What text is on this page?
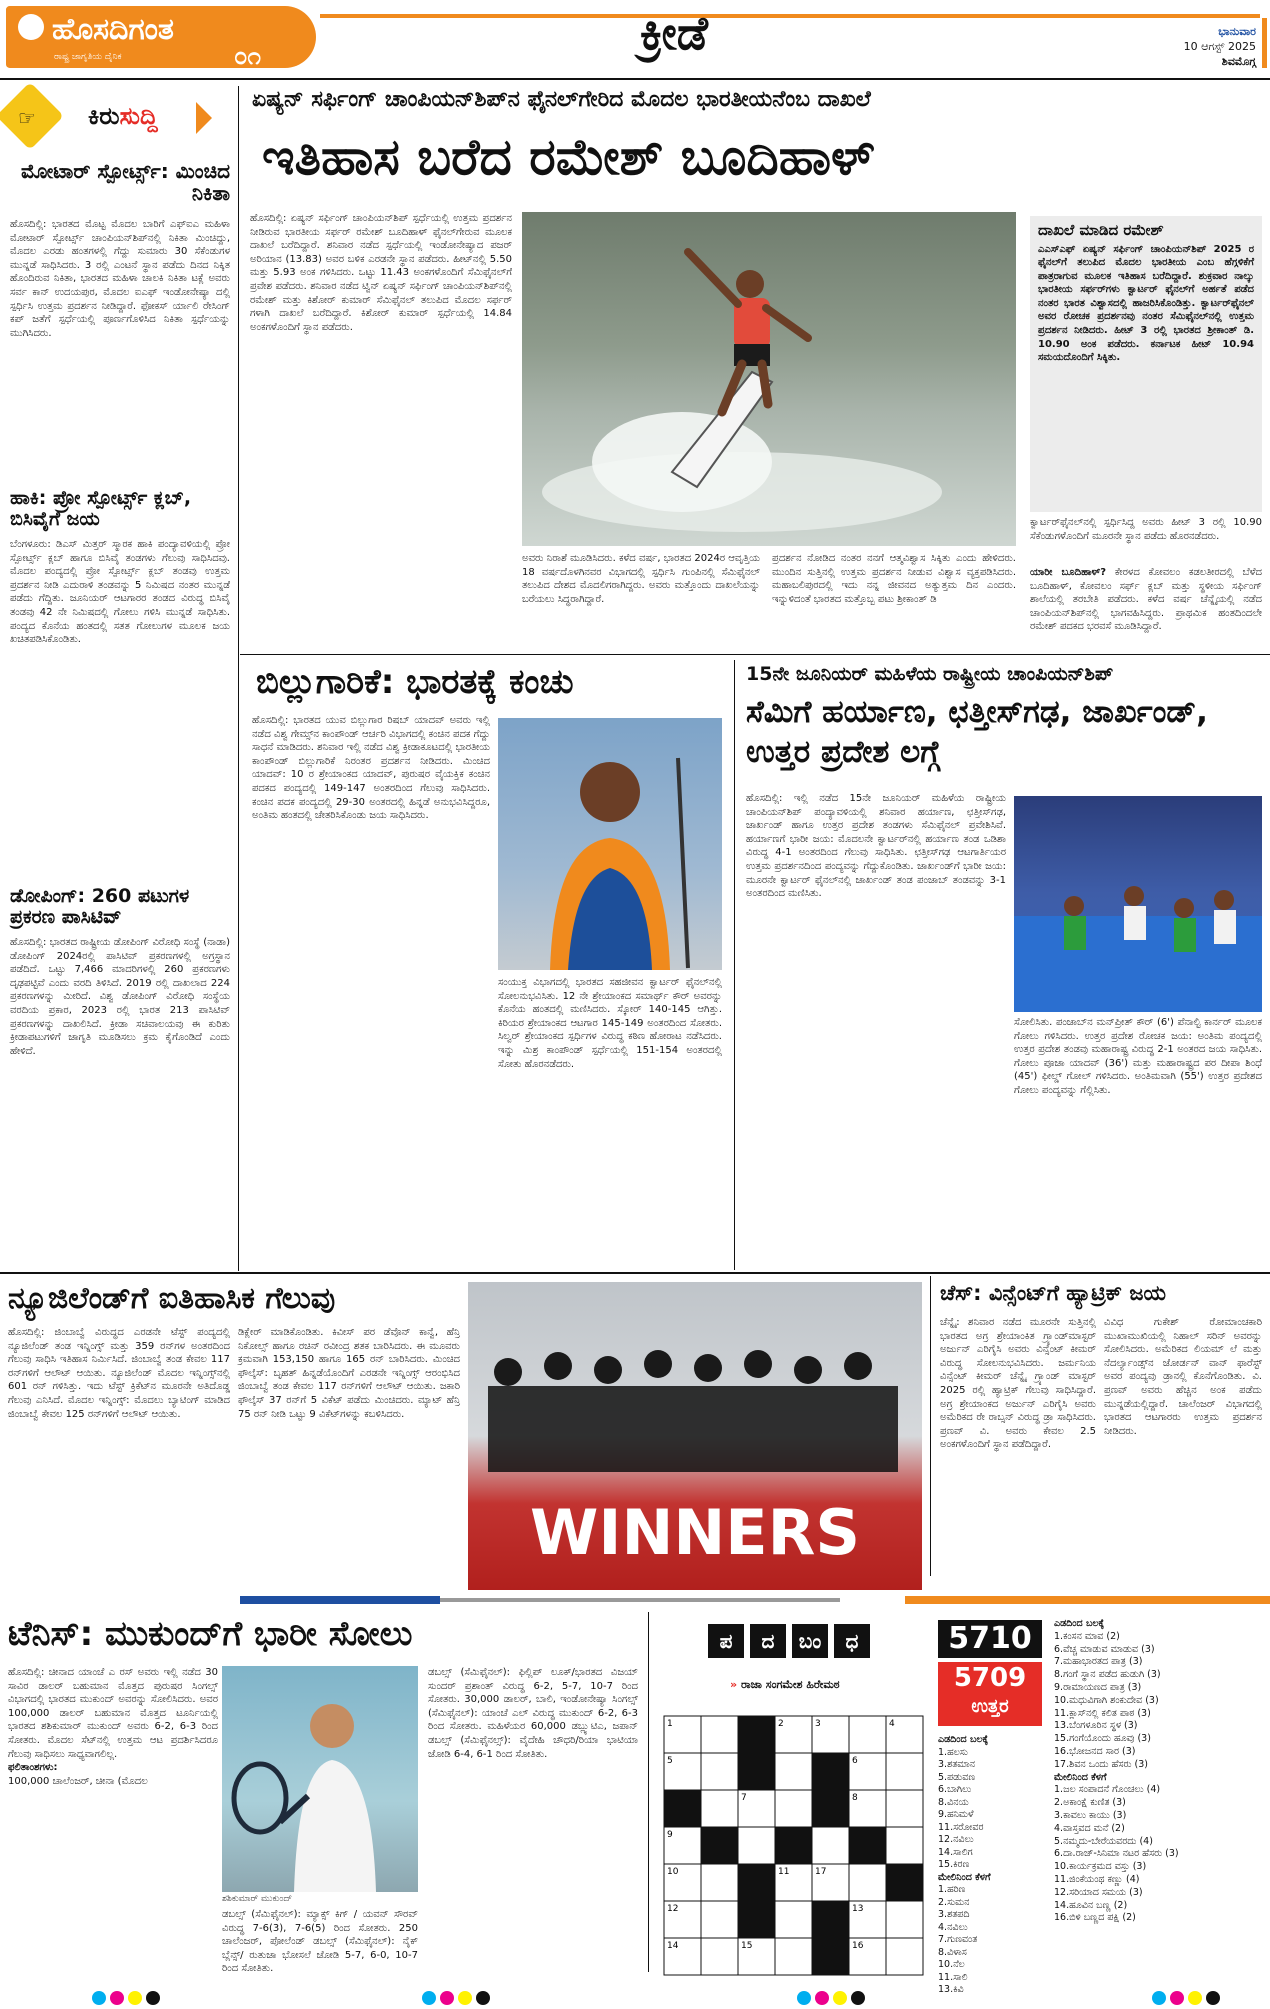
ಹೊಸದಿಗಂತ
ರಾಷ್ಟ್ರ ಜಾಗೃತಿಯ ದೈನಿಕ	೦೧	ಕ್ರೀಡೆ	ಭಾನುವಾರ
10 ಆಗಸ್ಟ್ 2025
ಶಿವಮೊಗ್ಗ
☞ ಕಿರುಸುದ್ದಿ
ಮೋಟಾರ್ ಸ್ಪೋರ್ಟ್ಸ್: ಮಿಂಚಿದ ನಿಕಿತಾ
ಹೊಸದಿಲ್ಲಿ: ಭಾರತದ ಮೊಟ್ಟ ಮೊದಲ ಬಾರಿಗೆ ಎಫ್‌ಐಎ ಮಹಿಳಾ ಮೋಟಾರ್ ಸ್ಪೋರ್ಟ್ಸ್ ಚಾಂಪಿಯನ್‌ಶಿಪ್‌ನಲ್ಲಿ ನಿಕಿತಾ ಮಿಂಚಿದ್ದು, ಮೊದಲ ಎರಡು ಹಂತಗಳಲ್ಲಿ ಗೆದ್ದು ಸುಮಾರು 30 ಸೆಕೆಂಡುಗಳ ಮುನ್ನಡೆ ಸಾಧಿಸಿದರು. 3 ರಲ್ಲಿ ಎಂಟನೆ ಸ್ಥಾನ ಪಡೆದು ದಿನದ ನಿಕ್ಕಿತ ಹೊಂದಿರುವ ನಿಕಿತಾ, ಭಾರತದ ಮಹಿಳಾ ಚಾಲಕಿ ನಿಕಿತಾ ಟಕ್ಲೆ ಅವರು ಸರ್ವ ಕಾನ್ ಉದಯಪುರ, ಮೊದಲ ಐಎಫ್ ಇಂಡೋನೇಷ್ಯಾ ದಲ್ಲಿ ಸ್ಪರ್ಧಿಸಿ ಉತ್ತಮ ಪ್ರದರ್ಶನ ನೀಡಿದ್ದಾರೆ. ಫೋಕಸ್ ರ್ಯಾಲಿ ರೇಸಿಂಗ್ ಕಪ್ ಜತೆಗೆ ಸ್ಪರ್ಧೆಯಲ್ಲಿ ಪೂರ್ಣಗೊಳಿಸಿದ ನಿಕಿತಾ ಸ್ಪರ್ಧೆಯನ್ನು ಮುಗಿಸಿದರು.
ಹಾಕಿ: ಪ್ರೋ ಸ್ಪೋರ್ಟ್ಸ್ ಕ್ಲಬ್, ಬಿಸಿವೈಗೆ ಜಯ
ಬೆಂಗಳೂರು: ಡಿಎಸ್ ಮಿತ್ತರ್ ಸ್ಮಾರಕ ಹಾಕಿ ಪಂದ್ಯಾವಳಿಯಲ್ಲಿ ಪ್ರೋ ಸ್ಪೋರ್ಟ್ಸ್ ಕ್ಲಬ್ ಹಾಗೂ ಬಿಸಿವೈ ತಂಡಗಳು ಗೆಲುವು ಸಾಧಿಸಿದವು. ಮೊದಲ ಪಂದ್ಯದಲ್ಲಿ ಪ್ರೋ ಸ್ಪೋರ್ಟ್ಸ್ ಕ್ಲಬ್ ತಂಡವು ಉತ್ತಮ ಪ್ರದರ್ಶನ ನೀಡಿ ಎದುರಾಳಿ ತಂಡವನ್ನು 5 ನಿಮಿಷದ ನಂತರ ಮುನ್ನಡೆ ಪಡೆದು ಗೆದ್ದಿತು. ಜೂನಿಯರ್ ಆಟಗಾರರ ತಂಡದ ವಿರುದ್ಧ ಬಿಸಿವೈ ತಂಡವು 42 ನೇ ನಿಮಿಷದಲ್ಲಿ ಗೋಲು ಗಳಿಸಿ ಮುನ್ನಡೆ ಸಾಧಿಸಿತು. ಪಂದ್ಯದ ಕೊನೆಯ ಹಂತದಲ್ಲಿ ಸತತ ಗೋಲುಗಳ ಮೂಲಕ ಜಯ ಖಚಿತಪಡಿಸಿಕೊಂಡಿತು.
ಡೋಪಿಂಗ್: 260 ಪಟುಗಳ ಪ್ರಕರಣ ಪಾಸಿಟಿವ್
ಹೊಸದಿಲ್ಲಿ: ಭಾರತದ ರಾಷ್ಟ್ರೀಯ ಡೋಪಿಂಗ್ ವಿರೋಧಿ ಸಂಸ್ಥೆ (ನಾಡಾ) ಡೋಪಿಂಗ್ 2024ರಲ್ಲಿ ಪಾಸಿಟಿವ್ ಪ್ರಕರಣಗಳಲ್ಲಿ ಅಗ್ರಸ್ಥಾನ ಪಡೆದಿದೆ. ಒಟ್ಟು 7,466 ಮಾದರಿಗಳಲ್ಲಿ 260 ಪ್ರಕರಣಗಳು ದೃಢಪಟ್ಟಿವೆ ಎಂದು ವರದಿ ತಿಳಿಸಿದೆ. 2019 ರಲ್ಲಿ ದಾಖಲಾದ 224 ಪ್ರಕರಣಗಳನ್ನು ಮೀರಿದೆ. ವಿಶ್ವ ಡೋಪಿಂಗ್ ವಿರೋಧಿ ಸಂಸ್ಥೆಯ ವರದಿಯ ಪ್ರಕಾರ, 2023 ರಲ್ಲಿ ಭಾರತ 213 ಪಾಸಿಟಿವ್ ಪ್ರಕರಣಗಳನ್ನು ದಾಖಲಿಸಿದೆ. ಕ್ರೀಡಾ ಸಚಿವಾಲಯವು ಈ ಕುರಿತು ಕ್ರೀಡಾಪಟುಗಳಿಗೆ ಜಾಗೃತಿ ಮೂಡಿಸಲು ಕ್ರಮ ಕೈಗೊಂಡಿದೆ ಎಂದು ಹೇಳಿದೆ.
ಏಷ್ಯನ್ ಸರ್ಫಿಂಗ್ ಚಾಂಪಿಯನ್‌ಶಿಪ್‌ನ ಫೈನಲ್‌ಗೇರಿದ ಮೊದಲ ಭಾರತೀಯನೆಂಬ ದಾಖಲೆ
ಇತಿಹಾಸ ಬರೆದ ರಮೇಶ್ ಬೂದಿಹಾಳ್
ಹೊಸದಿಲ್ಲಿ: ಏಷ್ಯನ್ ಸರ್ಫಿಂಗ್ ಚಾಂಪಿಯನ್‌ಶಿಪ್ ಸ್ಪರ್ಧೆಯಲ್ಲಿ ಉತ್ತಮ ಪ್ರದರ್ಶನ ನೀಡಿರುವ ಭಾರತೀಯ ಸರ್ಫರ್ ರಮೇಶ್ ಬೂದಿಹಾಳ್ ಫೈನಲ್‌ಗೇರುವ ಮೂಲಕ ದಾಖಲೆ ಬರೆದಿದ್ದಾರೆ. ಶನಿವಾರ ನಡೆದ ಸ್ಪರ್ಧೆಯಲ್ಲಿ ಇಂಡೋನೇಷ್ಯಾದ ಪಜರ್ ಅರಿಯಾನ (13.83) ಅವರ ಬಳಿಕ ಎರಡನೇ ಸ್ಥಾನ ಪಡೆದರು. ಹೀಟ್‌ನಲ್ಲಿ 5.50 ಮತ್ತು 5.93 ಅಂಕ ಗಳಿಸಿದರು. ಒಟ್ಟು 11.43 ಅಂಕಗಳೊಂದಿಗೆ ಸೆಮಿಫೈನಲ್‌ಗೆ ಪ್ರವೇಶ ಪಡೆದರು. ಶನಿವಾರ ನಡೆದ ಟ್ವಿನ್ ಏಷ್ಯನ್ ಸರ್ಫಿಂಗ್ ಚಾಂಪಿಯನ್‌ಶಿಪ್‌ನಲ್ಲಿ ರಮೇಶ್ ಮತ್ತು ಕಿಶೋರ್ ಕುಮಾರ್ ಸೆಮಿಫೈನಲ್ ತಲುಪಿದ ಮೊದಲ ಸರ್ಫರ್ ಗಳಾಗಿ ದಾಖಲೆ ಬರೆದಿದ್ದಾರೆ. ಕಿಶೋರ್ ಕುಮಾರ್ ಸ್ಪರ್ಧೆಯಲ್ಲಿ 14.84 ಅಂಕಗಳೊಂದಿಗೆ ಸ್ಥಾನ ಪಡೆದರು.
ದಾಖಲೆ ಮಾಡಿದ ರಮೇಶ್
ಎಎಸ್ಎಫ್ ಏಷ್ಯನ್ ಸರ್ಫಿಂಗ್ ಚಾಂಪಿಯನ್‌ಶಿಪ್ 2025 ರ ಫೈನಲ್‌ಗೆ ತಲುಪಿದ ಮೊದಲ ಭಾರತೀಯ ಎಂಬ ಹೆಗ್ಗಳಿಕೆಗೆ ಪಾತ್ರರಾಗುವ ಮೂಲಕ ಇತಿಹಾಸ ಬರೆದಿದ್ದಾರೆ. ಶುಕ್ರವಾರ ನಾಲ್ಕು ಭಾರತೀಯ ಸರ್ಫರ್‌ಗಳು ಕ್ವಾರ್ಟರ್ ಫೈನಲ್‌ಗೆ ಅರ್ಹತೆ ಪಡೆದ ನಂತರ ಭಾರತ ವಿಶ್ವಾಸದಲ್ಲಿ ಹಾಜರಿಸಿಕೊಂಡಿತ್ತು. ಕ್ವಾರ್ಟರ್‌ಫೈನಲ್ ಅವರ ರೋಚಕ ಪ್ರದರ್ಶನವು ನಂತರ ಸೆಮಿಫೈನಲ್‌ನಲ್ಲಿ ಉತ್ತಮ ಪ್ರದರ್ಶನ ನೀಡಿದರು. ಹೀಟ್ 3 ರಲ್ಲಿ ಭಾರತದ ಶ್ರೀಕಾಂತ್ ಡಿ. 10.90 ಅಂಕ ಪಡೆದರು. ಕರ್ನಾಟಕ ಹೀಟ್ 10.94 ಸಮಯದೊಂದಿಗೆ ಸಿಕ್ಕಿತು.
ಕ್ವಾರ್ಟರ್‌ಫೈನಲ್‌ನಲ್ಲಿ ಸ್ಪರ್ಧಿಸಿದ್ದ ಅವರು ಹೀಟ್ 3 ರಲ್ಲಿ 10.90 ಸೆಕೆಂಡುಗಳೊಂದಿಗೆ ಮೂರನೇ ಸ್ಥಾನ ಪಡೆದು ಹೊರನಡೆದರು.
ಅವರು ನಿರಾಶೆ ಮೂಡಿಸಿದರು. ಕಳೆದ ವರ್ಷ, ಭಾರತದ 2024ರ ಆವೃತ್ತಿಯ 18 ವರ್ಷದೊಳಗಿನವರ ವಿಭಾಗದಲ್ಲಿ ಸ್ಪರ್ಧಿಸಿ ಗುಂಪಿನಲ್ಲಿ ಸೆಮಿಫೈನಲ್ ತಲುಪಿದ ದೇಶದ ಮೊದಲಿಗರಾಗಿದ್ದರು. ಅವರು ಮತ್ತೊಂದು ದಾಖಲೆಯನ್ನು ಬರೆಯಲು ಸಿದ್ಧರಾಗಿದ್ದಾರೆ.
ಪ್ರದರ್ಶನ ನೋಡಿದ ನಂತರ ನನಗೆ ಆತ್ಮವಿಶ್ವಾಸ ಸಿಕ್ಕಿತು ಎಂದು ಹೇಳಿದರು. ಮುಂದಿನ ಸುತ್ತಿನಲ್ಲಿ ಉತ್ತಮ ಪ್ರದರ್ಶನ ನೀಡುವ ವಿಶ್ವಾಸ ವ್ಯಕ್ತಪಡಿಸಿದರು. ಮಹಾಬಲಿಪುರದಲ್ಲಿ ಇದು ನನ್ನ ಜೀವನದ ಅತ್ಯುತ್ತಮ ದಿನ ಎಂದರು. ಇನ್ನುಳಿದಂತೆ ಭಾರತದ ಮತ್ತೊಬ್ಬ ಪಟು ಶ್ರೀಕಾಂತ್ ಡಿ
ಯಾರೀ ಬೂದಿಹಾಳ್? ಕೇರಳದ ಕೋವಲಂ ಕಡಲತೀರದಲ್ಲಿ ಬೆಳೆದ ಬೂದಿಹಾಳ್, ಕೋವಲಂ ಸರ್ಫ್ ಕ್ಲಬ್ ಮತ್ತು ಸ್ಥಳೀಯ ಸರ್ಫಿಂಗ್ ಶಾಲೆಯಲ್ಲಿ ತರಬೇತಿ ಪಡೆದರು. ಕಳೆದ ವರ್ಷ ಚೆನ್ನೈಯಲ್ಲಿ ನಡೆದ ಚಾಂಪಿಯನ್‌ಶಿಪ್‌ನಲ್ಲಿ ಭಾಗವಹಿಸಿದ್ದರು. ಪ್ರಾಥಮಿಕ ಹಂತದಿಂದಲೇ ರಮೇಶ್ ಪದಕದ ಭರವಸೆ ಮೂಡಿಸಿದ್ದಾರೆ.
ಬಿಲ್ಲುಗಾರಿಕೆ: ಭಾರತಕ್ಕೆ ಕಂಚು
ಹೊಸದಿಲ್ಲಿ: ಭಾರತದ ಯುವ ಬಿಲ್ಲುಗಾರ ರಿಷಬ್ ಯಾದವ್ ಅವರು ಇಲ್ಲಿ ನಡೆದ ವಿಶ್ವ ಗೇಮ್ಸ್‌ನ ಕಾಂಪೌಂಡ್ ಆರ್ಚರಿ ವಿಭಾಗದಲ್ಲಿ ಕಂಚಿನ ಪದಕ ಗೆದ್ದು ಸಾಧನೆ ಮಾಡಿದರು. ಶನಿವಾರ ಇಲ್ಲಿ ನಡೆದ ವಿಶ್ವ ಕ್ರೀಡಾಕೂಟದಲ್ಲಿ ಭಾರತೀಯ ಕಾಂಪೌಂಡ್ ಬಿಲ್ಲುಗಾರಿಕೆ ನಿರಂತರ ಪ್ರದರ್ಶನ ನೀಡಿದರು. ಮಿಂಚಿದ ಯಾದವ್: 10 ರ ಶ್ರೇಯಾಂಕದ ಯಾದವ್, ಪುರುಷರ ವೈಯಕ್ತಿಕ ಕಂಚಿನ ಪದಕದ ಪಂದ್ಯದಲ್ಲಿ 149-147 ಅಂತರದಿಂದ ಗೆಲುವು ಸಾಧಿಸಿದರು. ಕಂಚಿನ ಪದಕ ಪಂದ್ಯದಲ್ಲಿ 29-30 ಅಂತರದಲ್ಲಿ ಹಿನ್ನಡೆ ಅನುಭವಿಸಿದ್ದರೂ, ಅಂತಿಮ ಹಂತದಲ್ಲಿ ಚೇತರಿಸಿಕೊಂಡು ಜಯ ಸಾಧಿಸಿದರು.
ಸಂಯುಕ್ತ ವಿಭಾಗದಲ್ಲಿ ಭಾರತದ ಸಹಜೀವನ ಕ್ವಾರ್ಟರ್ ಫೈನಲ್‌ನಲ್ಲಿ ಸೋಲನುಭವಿಸಿತು. 12 ನೇ ಶ್ರೇಯಾಂಕದ ಸಮಾರ್ಥ್ ಕೌರ್ ಅವರನ್ನು ಕೊನೆಯ ಹಂತದಲ್ಲಿ ಮಣಿಸಿದರು. ಸ್ಕೋರ್ 140-145 ಆಗಿತ್ತು. ಕಿರಿಯರ ಶ್ರೇಯಾಂಕದ ಆಟಗಾರ 145-149 ಅಂತರದಿಂದ ಸೋತರು. ಸಿಲ್ವರ್ ಶ್ರೇಯಾಂಕದ ಸ್ಪರ್ಧಿಗಳ ವಿರುದ್ಧ ಕಠಿಣ ಹೋರಾಟ ನಡೆಸಿದರು. ಇನ್ನು ಮಿಶ್ರ ಕಾಂಪೌಂಡ್ ಸ್ಪರ್ಧೆಯಲ್ಲಿ 151-154 ಅಂತರದಲ್ಲಿ ಸೋತು ಹೊರನಡೆದರು.
15ನೇ ಜೂನಿಯರ್ ಮಹಿಳೆಯ ರಾಷ್ಟ್ರೀಯ ಚಾಂಪಿಯನ್‌ಶಿಪ್
ಸೆಮಿಗೆ ಹರ್ಯಾಣ, ಛತ್ತೀಸ್‌ಗಢ, ಜಾರ್ಖಂಡ್, ಉತ್ತರ ಪ್ರದೇಶ ಲಗ್ಗೆ
ಹೊಸದಿಲ್ಲಿ: ಇಲ್ಲಿ ನಡೆದ 15ನೇ ಜೂನಿಯರ್ ಮಹಿಳೆಯ ರಾಷ್ಟ್ರೀಯ ಚಾಂಪಿಯನ್‌ಶಿಪ್ ಪಂದ್ಯಾವಳಿಯಲ್ಲಿ ಶನಿವಾರ ಹರ್ಯಾಣ, ಛತ್ತೀಸ್‌ಗಢ, ಜಾರ್ಖಂಡ್ ಹಾಗೂ ಉತ್ತರ ಪ್ರದೇಶ ತಂಡಗಳು ಸೆಮಿಫೈನಲ್ ಪ್ರವೇಶಿಸಿವೆ. ಹರ್ಯಾಣಗೆ ಭಾರೀ ಜಯ: ಮೊದಲನೇ ಕ್ವಾರ್ಟರ್‌ನಲ್ಲಿ ಹರ್ಯಾಣ ತಂಡ ಒಡಿಶಾ ವಿರುದ್ಧ 4-1 ಅಂತರದಿಂದ ಗೆಲುವು ಸಾಧಿಸಿತು. ಛತ್ತೀಸ್‌ಗಢ ಆಟಗಾರ್ತಿಯರ ಉತ್ತಮ ಪ್ರದರ್ಶನದಿಂದ ಪಂದ್ಯವನ್ನು ಗೆದ್ದುಕೊಂಡಿತು. ಜಾರ್ಖಂಡ್‌ಗೆ ಭಾರೀ ಜಯ: ಮೂರನೇ ಕ್ವಾರ್ಟರ್ ಫೈನಲ್‌ನಲ್ಲಿ ಜಾರ್ಖಂಡ್ ತಂಡ ಪಂಜಾಬ್ ತಂಡವನ್ನು 3-1 ಅಂತರದಿಂದ ಮಣಿಸಿತು.
ಸೋಲಿಸಿತು. ಪಂಜಾಬ್‌ನ ಮನ್‌ಪ್ರೀತ್ ಕೌರ್ (6') ಪೆನಾಲ್ಟಿ ಕಾರ್ನರ್ ಮೂಲಕ ಗೋಲು ಗಳಿಸಿದರು. ಉತ್ತರ ಪ್ರದೇಶ ರೋಚಕ ಜಯ: ಅಂತಿಮ ಪಂದ್ಯದಲ್ಲಿ ಉತ್ತರ ಪ್ರದೇಶ ತಂಡವು ಮಹಾರಾಷ್ಟ್ರ ವಿರುದ್ಧ 2-1 ಅಂತರದ ಜಯ ಸಾಧಿಸಿತು. ಗೋಲು ಪೂಜಾ ಯಾದವ್ (36') ಮತ್ತು ಮಹಾರಾಷ್ಟ್ರದ ಪರ ದೀಪಾ ಶಿಂಧೆ (45') ಫೀಲ್ಡ್ ಗೋಲ್ ಗಳಿಸಿದರು. ಅಂತಿಮವಾಗಿ (55') ಉತ್ತರ ಪ್ರದೇಶದ ಗೋಲು ಪಂದ್ಯವನ್ನು ಗೆಲ್ಲಿಸಿತು.
ನ್ಯೂಜಿಲೆಂಡ್‌ಗೆ ಐತಿಹಾಸಿಕ ಗೆಲುವು
ಹೊಸದಿಲ್ಲಿ: ಜಿಂಬಾಬ್ವೆ ವಿರುದ್ಧದ ಎರಡನೇ ಟೆಸ್ಟ್ ಪಂದ್ಯದಲ್ಲಿ ನ್ಯೂಜಿಲೆಂಡ್ ತಂಡ ಇನ್ನಿಂಗ್ಸ್ ಮತ್ತು 359 ರನ್‌ಗಳ ಅಂತರದಿಂದ ಗೆಲುವು ಸಾಧಿಸಿ ಇತಿಹಾಸ ನಿರ್ಮಿಸಿದೆ. ಜಿಂಬಾಬ್ವೆ ತಂಡ ಕೇವಲ 117 ರನ್‌ಗಳಿಗೆ ಆಲೌಟ್ ಆಯಿತು. ನ್ಯೂಜಿಲೆಂಡ್ ಮೊದಲ ಇನ್ನಿಂಗ್ಸ್‌ನಲ್ಲಿ 601 ರನ್ ಗಳಿಸಿತ್ತು. ಇದು ಟೆಸ್ಟ್ ಕ್ರಿಕೆಟ್‌ನ ಮೂರನೇ ಅತಿದೊಡ್ಡ ಗೆಲುವು ಎನಿಸಿದೆ. ಮೊದಲ ಇನ್ನಿಂಗ್ಸ್: ಮೊದಲು ಬ್ಯಾಟಿಂಗ್ ಮಾಡಿದ ಜಿಂಬಾಬ್ವೆ ಕೇವಲ 125 ರನ್‌ಗಳಿಗೆ ಆಲೌಟ್ ಆಯಿತು.
ಡಿಕ್ಲೇರ್ ಮಾಡಿಕೊಂಡಿತು. ಕಿವೀಸ್ ಪರ ಡೆವೊನ್ ಕಾನ್ವೆ, ಹೆನ್ರಿ ನಿಕೋಲ್ಸ್ ಹಾಗೂ ರಚಿನ್ ರವೀಂದ್ರ ಶತಕ ಬಾರಿಸಿದರು. ಈ ಮೂವರು ಕ್ರಮವಾಗಿ 153,150 ಹಾಗೂ 165 ರನ್ ಬಾರಿಸಿದರು. ಮಿಂಚಿದ ಫೌಲ್ಕೆಸ್: ಬೃಹತ್ ಹಿನ್ನಡೆಯೊಂದಿಗೆ ಎರಡನೇ ಇನ್ನಿಂಗ್ಸ್ ಆರಂಭಿಸಿದ ಜಿಂಬಾಬ್ವೆ ತಂಡ ಕೇವಲ 117 ರನ್‌ಗಳಿಗೆ ಆಲೌಟ್ ಆಯಿತು. ಜಕಾರಿ ಫೌಲ್ಕೆಸ್ 37 ರನ್‌ಗೆ 5 ವಿಕೆಟ್ ಪಡೆದು ಮಿಂಚಿದರು. ಮ್ಯಾಟ್ ಹೆನ್ರಿ 75 ರನ್ ನೀಡಿ ಒಟ್ಟು 9 ವಿಕೆಟ್‌ಗಳನ್ನು ಕಬಳಿಸಿದರು.
WINNERS
ಚೆಸ್: ವಿನ್ಸೆಂಟ್‌ಗೆ ಹ್ಯಾಟ್ರಿಕ್ ಜಯ
ಚೆನ್ನೈ: ಶನಿವಾರ ನಡೆದ ಮೂರನೇ ಸುತ್ತಿನಲ್ಲಿ ಭಾರತದ ಅಗ್ರ ಶ್ರೇಯಾಂಕಿತ ಗ್ರ್ಯಾಂಡ್‌ಮಾಸ್ಟರ್ ಅರ್ಜುನ್ ಎರಿಗೈಸಿ ಅವರು ವಿನ್ಸೆಂಟ್ ಕೀಮರ್ ವಿರುದ್ಧ ಸೋಲನುಭವಿಸಿದರು. ಜರ್ಮನಿಯ ವಿನ್ಸೆಂಟ್ ಕೀಮರ್ ಚೆನ್ನೈ ಗ್ರ್ಯಾಂಡ್ ಮಾಸ್ಟರ್ 2025 ರಲ್ಲಿ ಹ್ಯಾಟ್ರಿಕ್ ಗೆಲುವು ಸಾಧಿಸಿದ್ದಾರೆ. ಅಗ್ರ ಶ್ರೇಯಾಂಕದ ಅರ್ಜುನ್ ಎರಿಗೈಸಿ ಅವರು ಅಮೆರಿಕದ ರೇ ರಾಬ್ಸನ್ ವಿರುದ್ಧ ಡ್ರಾ ಸಾಧಿಸಿದರು. ಪ್ರಣವ್ ವಿ. ಅವರು ಕೇವಲ 2.5 ಅಂಕಗಳೊಂದಿಗೆ ಸ್ಥಾನ ಪಡೆದಿದ್ದಾರೆ.
ವಿವಿಧ ಗುಕೇಶ್ ರೋಮಾಂಚಕಾರಿ ಮುಖಾಮುಖಿಯಲ್ಲಿ ನಿಹಾಲ್ ಸರಿನ್ ಅವರನ್ನು ಸೋಲಿಸಿದರು. ಅಮೆರಿಕದ ಲಿಯಮ್ ಲೆ ಮತ್ತು ನೆದರ್ಲ್ಯಾಂಡ್ಸ್‌ನ ಜೋರ್ಡನ್ ವಾನ್ ಫಾರೆಸ್ಟ್ ಅವರ ಪಂದ್ಯವು ಡ್ರಾನಲ್ಲಿ ಕೊನೆಗೊಂಡಿತು. ವಿ. ಪ್ರಣವ್ ಅವರು ಹೆಚ್ಚಿನ ಅಂಕ ಪಡೆದು ಮುನ್ನಡೆಯಲ್ಲಿದ್ದಾರೆ. ಚಾಲೆಂಜರ್ ವಿಭಾಗದಲ್ಲಿ ಭಾರತದ ಆಟಗಾರರು ಉತ್ತಮ ಪ್ರದರ್ಶನ ನೀಡಿದರು.
ಟೆನಿಸ್: ಮುಕುಂದ್‌ಗೆ ಭಾರೀ ಸೋಲು
ಹೊಸದಿಲ್ಲಿ: ಚೀನಾದ ಯಾಂಚೆ ಎ ರಸ್ ಅವರು ಇಲ್ಲಿ ನಡೆದ 30 ಸಾವಿರ ಡಾಲರ್ ಬಹುಮಾನ ಮೊತ್ತದ ಪುರುಷರ ಸಿಂಗಲ್ಸ್ ವಿಭಾಗದಲ್ಲಿ ಭಾರತದ ಮುಕುಂದ್ ಅವರನ್ನು ಸೋಲಿಸಿದರು. ಅವರ 100,000 ಡಾಲರ್ ಬಹುಮಾನ ಮೊತ್ತದ ಟೂರ್ನಿಯಲ್ಲಿ ಭಾರತದ ಶಶಿಕುಮಾರ್ ಮುಕುಂದ್ ಅವರು 6-2, 6-3 ರಿಂದ ಸೋತರು. ಮೊದಲ ಸೆಟ್‌ನಲ್ಲಿ ಉತ್ತಮ ಆಟ ಪ್ರದರ್ಶಿಸಿದರೂ ಗೆಲುವು ಸಾಧಿಸಲು ಸಾಧ್ಯವಾಗಲಿಲ್ಲ.
ಫಲಿತಾಂಶಗಳು:
100,000 ಚಾಲೆಂಜರ್, ಚೀನಾ (ಮೊದಲ
ಶಶಿಕುಮಾರ್ ಮುಕುಂದ್
ಡಬಲ್ಸ್ (ಸೆಮಿಫೈನಲ್): ಮ್ಯಾಕ್ಸ್ ಕಿಗ್ / ಯವನ್ ಸೌರವ್ ವಿರುದ್ಧ 7-6(3), 7-6(5) ರಿಂದ ಸೋತರು. 250 ಚಾಲೆಂಜರ್, ಪೋಲೆಂಡ್ ಡಬಲ್ಸ್ (ಸೆಮಿಫೈನಲ್): ನೈಕ್ ಬ್ಲೆನ್ಸ್/ ರುತುಜಾ ಭೋಸಲೆ ಜೋಡಿ 5-7, 6-0, 10-7 ರಿಂದ ಸೋತಿತು.
ಡಬಲ್ಸ್ (ಸೆಮಿಫೈನಲ್): ಫಿಲ್ಲಿಪ್ ಲೂಕ್/ಭಾರತದ ವಿಜಯ್ ಸುಂದರ್ ಪ್ರಶಾಂತ್ ವಿರುದ್ಧ 6-2, 5-7, 10-7 ರಿಂದ ಸೋತರು. 30,000 ಡಾಲರ್, ಬಾಲಿ, ಇಂಡೋನೇಷ್ಯಾ ಸಿಂಗಲ್ಸ್ (ಸೆಮಿಫೈನಲ್): ಯಾಂಚೆ ಎಲ್ ವಿರುದ್ಧ ಮುಕುಂದ್ 6-2, 6-3 ರಿಂದ ಸೋತರು. ಮಹಿಳೆಯರ 60,000 ಡಬ್ಲ್ಯುಟಿಎ, ಜಪಾನ್ ಡಬಲ್ಸ್ (ಸೆಮಿಫೈನಲ್ಸ್): ವೈದೇಹಿ ಚೌಧರಿ/ರಿಯಾ ಭಾಟಿಯಾ ಜೋಡಿ 6-4, 6-1 ರಿಂದ ಸೋತಿತು.
ಪ	ದ	ಬಂ	ಧ
» ರಾಜಾ ಸಂಗಮೇಶ ಹಿರೇಮಠ
1	2	3	4
5	6
7	8
9
10	11	17
12	13
14	15	16
5710
5709
ಉತ್ತರ
ಎಡದಿಂದ ಬಲಕ್ಕೆ
1.ಹಲಸು
3.ಶತಮಾನ
5.ಪಡುವಣ
6.ಬಾಗಿಲು
8.ವಿನಯ
9.ಹನಿಮಳೆ
11.ಸರೋವರ
12.ನವಿಲು
14.ಸಾಲಿಗ
15.ಕಿರಣ
ಮೇಲಿನಿಂದ ಕೆಳಗೆ
1.ಹರಿಣ
2.ಸುಮನ
3.ಶತಪದಿ
4.ನವಿಲು
7.ಗುಣವಂತ
8.ವಿಳಾಸ
10.ನೆಲ
11.ಸಾಲಿ
13.ಕಿವಿ
ಎಡದಿಂದ ಬಲಕ್ಕೆ
1.ಕಂಸನ ಮಾವ (2)
6.ವೆಚ್ಚ ಮಾಡುವ ಮಾಡುವ (3)
7.ಮಹಾಭಾರತದ ಪಾತ್ರ (3)
8.ಗಂಗೆ ಸ್ಥಾನ ಪಡೆದ ಹುಡುಗಿ (3)
9.ರಾಮಾಯಣದ ಪಾತ್ರ (3)
10.ಮಧುವಿಗಾಗಿ ಶಂಕುದೇವ (3)
11.ಕ್ಲಾಸ್‌ನಲ್ಲಿ ಕಲಿತ ಪಾಠ (3)
13.ಬೆಂಗಳೂರಿನ ಸ್ಥಳ (3)
15.ಗಂಗೆಯೊಂದು ಹೂವು (3)
16.ಭೋಜನದ ಸಾರ (3)
17.ಶಿವನ ಒಂದು ಹೆಸರು (3)
ಮೇಲಿನಿಂದ ಕೆಳಗೆ
1.ಜಲ ಸಂಪಾದನೆ ಗೊಂಚಲು (4)
2.ಅಕಾಂಕ್ಷೆ ಕುಣಿತ (3)
3.ಕಾವಲು ಕಾಯು (3)
4.ವಾಸ್ತವದ ಮನೆ (2)
5.ನಮ್ಮದು-ಬೇರೆಯವರದು (4)
6.ದಾ.ರಾಜ್-ಸಿನಿಮಾ ನಟರ ಹೆಸರು (3)
10.ಕಾರ್ಯಕ್ರಮದ ವಸ್ತು (3)
11.ಜಿಂಕೆಯಂಥ ಕಣ್ಣು (4)
12.ಸರಿಯಾದ ಸಮಯ (3)
14.ಹೂವಿನ ಬಣ್ಣ (2)
16.ಬಿಳಿ ಬಣ್ಣದ ಪಕ್ಷಿ (2)
